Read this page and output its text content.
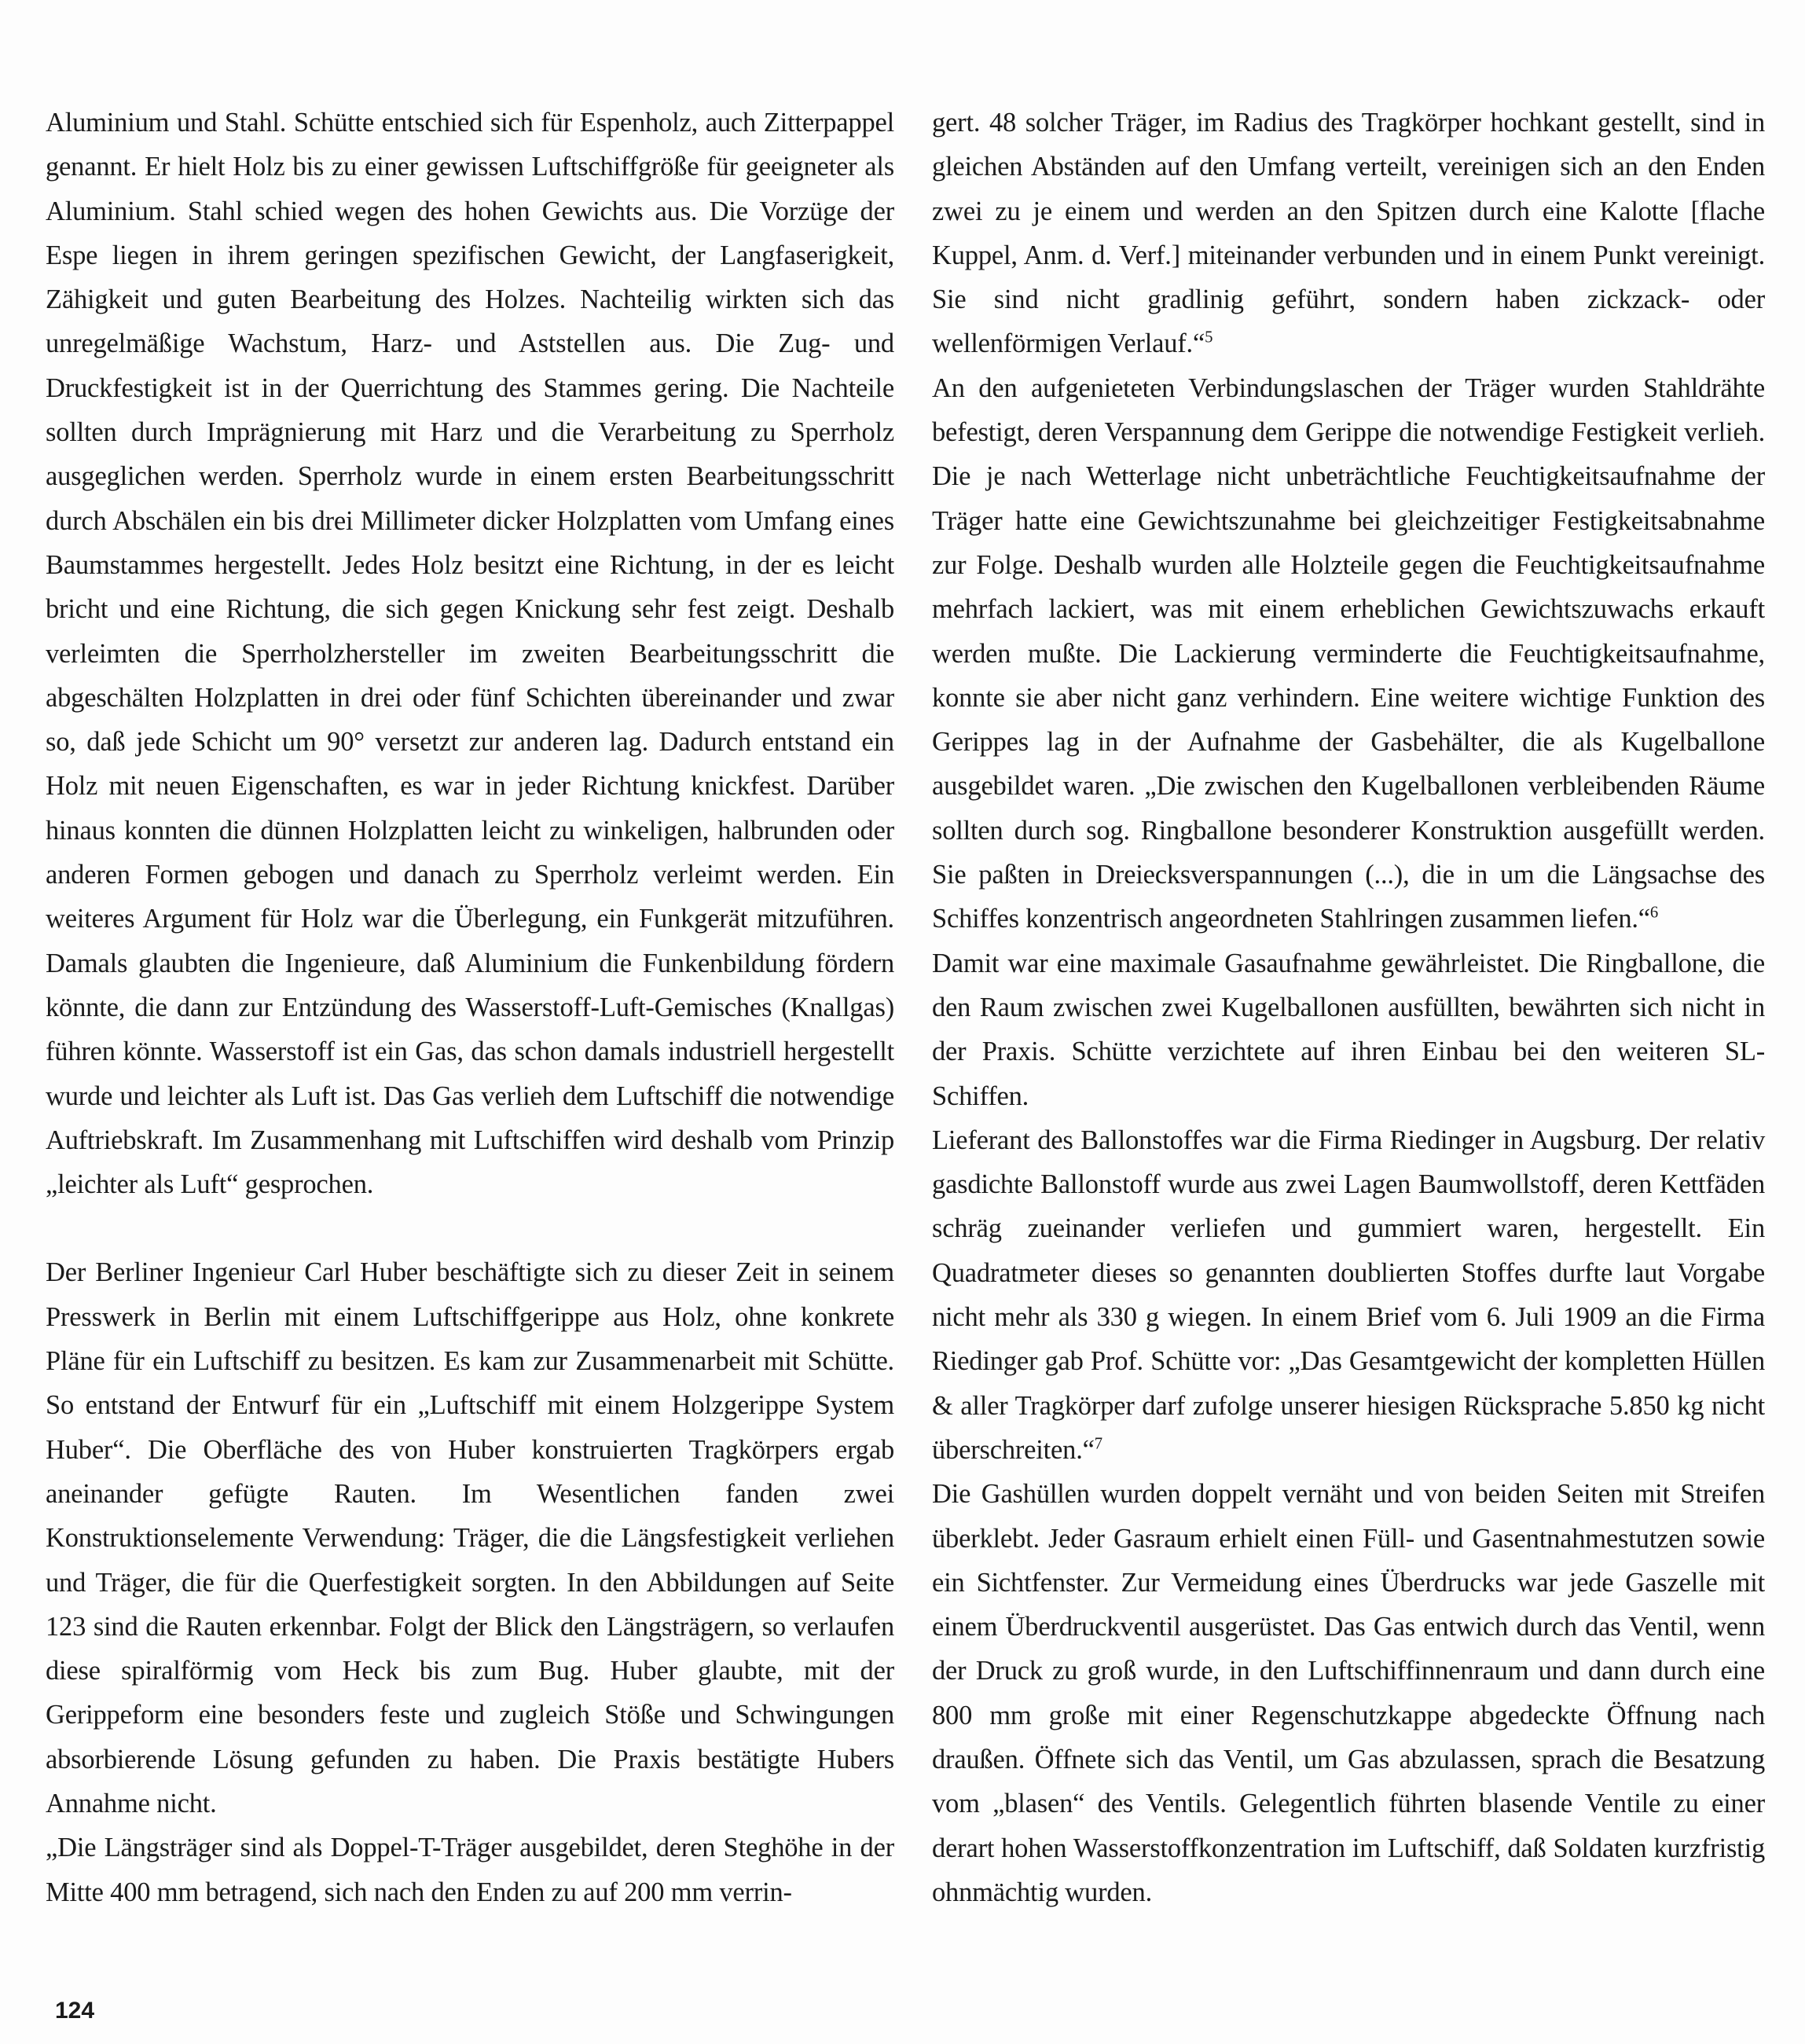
Aluminium und Stahl. Schütte entschied sich für Espenholz, auch Zitterpappel genannt. Er hielt Holz bis zu einer gewissen Luftschiffgröße für geeigneter als Aluminium. Stahl schied wegen des hohen Gewichts aus. Die Vorzüge der Espe liegen in ihrem geringen spezifischen Gewicht, der Langfaserigkeit, Zähigkeit und guten Bearbeitung des Holzes. Nachteilig wirkten sich das unregelmäßige Wachstum, Harz- und Aststellen aus. Die Zug- und Druckfestigkeit ist in der Querrichtung des Stammes gering. Die Nachteile sollten durch Imprägnierung mit Harz und die Verarbeitung zu Sperrholz ausgeglichen werden. Sperrholz wurde in einem ersten Bearbeitungsschritt durch Abschälen ein bis drei Millimeter dicker Holzplatten vom Umfang eines Baumstammes hergestellt. Jedes Holz besitzt eine Richtung, in der es leicht bricht und eine Richtung, die sich gegen Knickung sehr fest zeigt. Deshalb verleimten die Sperrholzhersteller im zweiten Bearbeitungsschritt die abgeschälten Holzplatten in drei oder fünf Schichten übereinander und zwar so, daß jede Schicht um 90° versetzt zur anderen lag. Dadurch entstand ein Holz mit neuen Eigenschaften, es war in jeder Richtung knickfest. Darüber hinaus konnten die dünnen Holzplatten leicht zu winkeligen, halbrunden oder anderen Formen gebogen und danach zu Sperrholz verleimt werden. Ein weiteres Argument für Holz war die Überlegung, ein Funkgerät mitzuführen. Damals glaubten die Ingenieure, daß Aluminium die Funkenbildung fördern könnte, die dann zur Entzündung des Wasserstoff-Luft-Gemisches (Knallgas) führen könnte. Wasserstoff ist ein Gas, das schon damals industriell hergestellt wurde und leichter als Luft ist. Das Gas verlieh dem Luftschiff die notwendige Auftriebskraft. Im Zusammenhang mit Luftschiffen wird deshalb vom Prinzip „leichter als Luft“ gesprochen.

Der Berliner Ingenieur Carl Huber beschäftigte sich zu dieser Zeit in seinem Presswerk in Berlin mit einem Luftschiffgerippe aus Holz, ohne konkrete Pläne für ein Luftschiff zu besitzen. Es kam zur Zusammenarbeit mit Schütte. So entstand der Entwurf für ein „Luftschiff mit einem Holzgerippe System Huber“. Die Oberfläche des von Huber konstruierten Tragkörpers ergab aneinander gefügte Rauten. Im Wesentlichen fanden zwei Konstruktionselemente Verwendung: Träger, die die Längsfestigkeit verliehen und Träger, die für die Querfestigkeit sorgten. In den Abbildungen auf Seite 123 sind die Rauten erkennbar. Folgt der Blick den Längsträgern, so verlaufen diese spiralförmig vom Heck bis zum Bug. Huber glaubte, mit der Gerippeform eine besonders feste und zugleich Stöße und Schwingungen absorbierende Lösung gefunden zu haben. Die Praxis bestätigte Hubers Annahme nicht.

„Die Längsträger sind als Doppel-T-Träger ausgebildet, deren Steghöhe in der Mitte 400 mm betragend, sich nach den Enden zu auf 200 mm verrin-

gert. 48 solcher Träger, im Radius des Tragkörper hochkant gestellt, sind in gleichen Abständen auf den Umfang verteilt, vereinigen sich an den Enden zwei zu je einem und werden an den Spitzen durch eine Kalotte [flache Kuppel, Anm. d. Verf.] miteinander verbunden und in einem Punkt vereinigt. Sie sind nicht gradlinig geführt, sondern haben zickzack- oder wellenförmigen Verlauf.“$^5$

An den aufgenieteten Verbindungslaschen der Träger wurden Stahldrähte befestigt, deren Verspannung dem Gerippe die notwendige Festigkeit verlieh. Die je nach Wetterlage nicht unbeträchtliche Feuchtigkeitsaufnahme der Träger hatte eine Gewichtszunahme bei gleichzeitiger Festigkeitsabnahme zur Folge. Deshalb wurden alle Holzteile gegen die Feuchtigkeitsaufnahme mehrfach lackiert, was mit einem erheblichen Gewichtszuwachs erkauft werden mußte. Die Lackierung verminderte die Feuchtigkeitsaufnahme, konnte sie aber nicht ganz verhindern. Eine weitere wichtige Funktion des Gerippes lag in der Aufnahme der Gasbehälter, die als Kugelballone ausgebildet waren. „Die zwischen den Kugelballonen verbleibenden Räume sollten durch sog. Ringballone besonderer Konstruktion ausgefüllt werden. Sie paßten in Dreiecksverspannungen (...), die in um die Längsachse des Schiffes konzentrisch angeordneten Stahlringen zusammen liefen.“$^6$

Damit war eine maximale Gasaufnahme gewährleistet. Die Ringballone, die den Raum zwischen zwei Kugelballonen ausfüllten, bewährten sich nicht in der Praxis. Schütte verzichtete auf ihren Einbau bei den weiteren SL-Schiffen.

Lieferant des Ballonstoffes war die Firma Riedinger in Augsburg. Der relativ gasdichte Ballonstoff wurde aus zwei Lagen Baumwollstoff, deren Kettfäden schräg zueinander verliefen und gummiert waren, hergestellt. Ein Quadratmeter dieses so genannten doublierten Stoffes durfte laut Vorgabe nicht mehr als 330 g wiegen. In einem Brief vom 6. Juli 1909 an die Firma Riedinger gab Prof. Schütte vor: „Das Gesamtgewicht der kompletten Hüllen & aller Tragkörper darf zufolge unserer hiesigen Rücksprache 5.850 kg nicht überschreiten.“$^7$

Die Gashüllen wurden doppelt vernäht und von beiden Seiten mit Streifen überklebt. Jeder Gasraum erhielt einen Füll- und Gasentnahmestutzen sowie ein Sichtfenster. Zur Vermeidung eines Überdrucks war jede Gaszelle mit einem Überdruckventil ausgerüstet. Das Gas entwich durch das Ventil, wenn der Druck zu groß wurde, in den Luftschiffinnenraum und dann durch eine 800 mm große mit einer Regenschutzkappe abgedeckte Öffnung nach draußen. Öffnete sich das Ventil, um Gas abzulassen, sprach die Besatzung vom „blasen“ des Ventils. Gelegentlich führten blasende Ventile zu einer derart hohen Wasserstoffkonzentration im Luftschiff, daß Soldaten kurzfristig ohnmächtig wurden.

124
